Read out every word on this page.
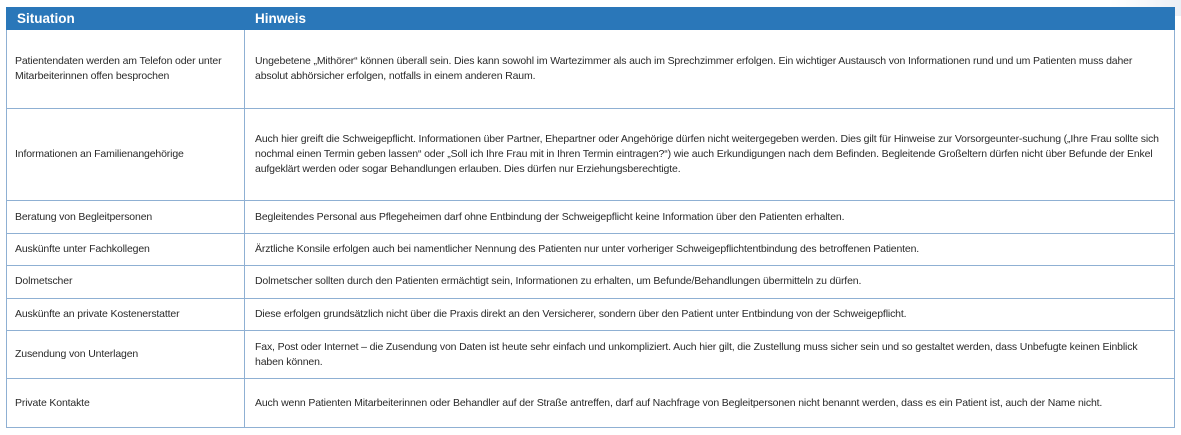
Situation	Hinweis
Patientendaten werden am Telefon oder unter Mitarbeiterinnen offen besprochen	Ungebetene „Mithörer“ können überall sein. Dies kann sowohl im Wartezimmer als auch im Sprechzimmer erfolgen. Ein wichtiger Austausch von Informationen rund und um Patienten muss daher absolut abhörsicher erfolgen, notfalls in einem anderen Raum.
Informationen an Familienangehörige	Auch hier greift die Schweigepflicht. Informationen über Partner, Ehepartner oder Angehörige dürfen nicht weitergegeben werden. Dies gilt für Hinweise zur Vorsorgeunter-suchung („Ihre Frau sollte sich nochmal einen Termin geben lassen“ oder „Soll ich Ihre Frau mit in Ihren Termin eintragen?“) wie auch Erkundigungen nach dem Befinden. Begleitende Großeltern dürfen nicht über Befunde der Enkel aufgeklärt werden oder sogar Behandlungen erlauben. Dies dürfen nur Erziehungsberechtigte.
Beratung von Begleitpersonen	Begleitendes Personal aus Pflegeheimen darf ohne Entbindung der Schweigepflicht keine Information über den Patienten erhalten.
Auskünfte unter Fachkollegen	Ärztliche Konsile erfolgen auch bei namentlicher Nennung des Patienten nur unter vorheriger Schweigepflichtentbindung des betroffenen Patienten.
Dolmetscher	Dolmetscher sollten durch den Patienten ermächtigt sein, Informationen zu erhalten, um Befunde/Behandlungen übermitteln zu dürfen.
Auskünfte an private Kostenerstatter	Diese erfolgen grundsätzlich nicht über die Praxis direkt an den Versicherer, sondern über den Patient unter Entbindung von der Schweigepflicht.
Zusendung von Unterlagen	Fax, Post oder Internet – die Zusendung von Daten ist heute sehr einfach und unkompliziert. Auch hier gilt, die Zustellung muss sicher sein und so gestaltet werden, dass Unbefugte keinen Einblick haben können.
Private Kontakte	Auch wenn Patienten Mitarbeiterinnen oder Behandler auf der Straße antreffen, darf auf Nachfrage von Begleitpersonen nicht benannt werden, dass es ein Patient ist, auch der Name nicht.
